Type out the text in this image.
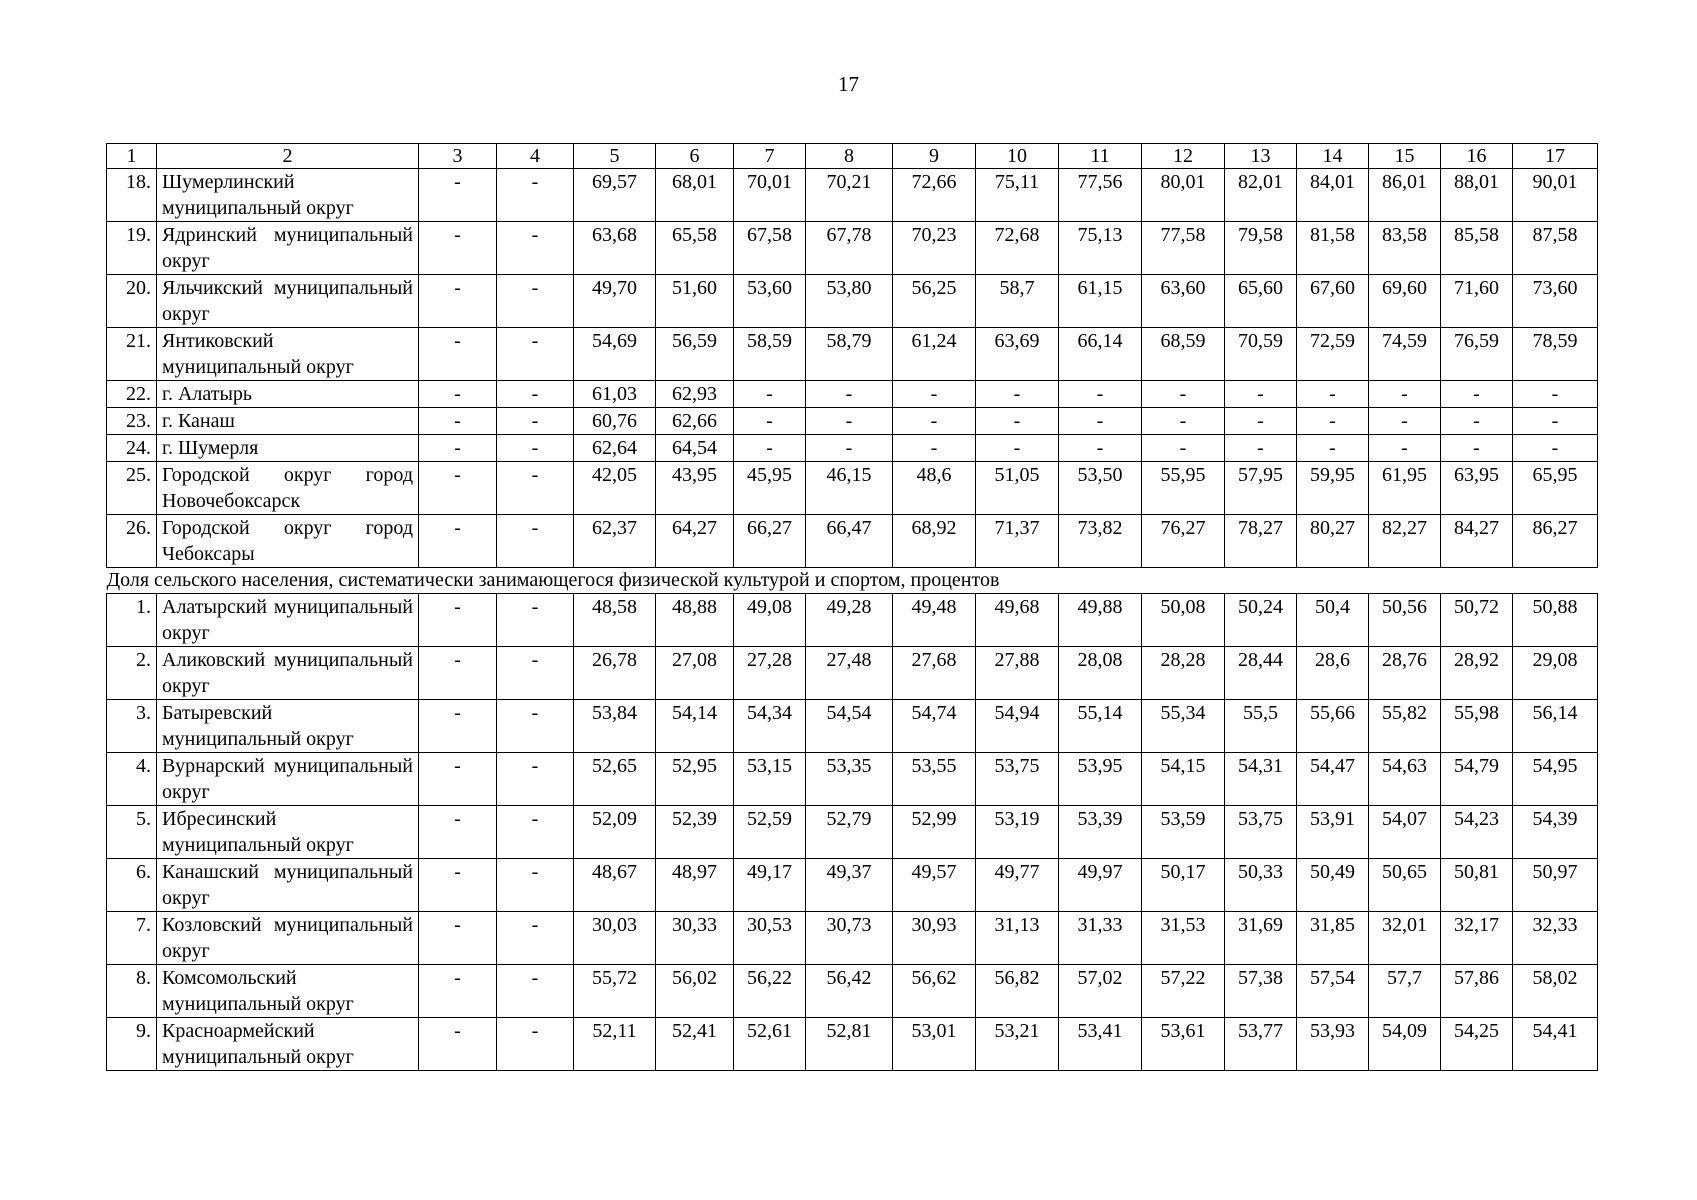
17
1	2	3	4	5	6	7	8	9	10	11	12	13	14	15	16	17
18.	Шумерлинский муниципальный округ	-	-	69,57	68,01	70,01	70,21	72,66	75,11	77,56	80,01	82,01	84,01	86,01	88,01	90,01
19.	Ядринский муниципальный округ	-	-	63,68	65,58	67,58	67,78	70,23	72,68	75,13	77,58	79,58	81,58	83,58	85,58	87,58
20.	Яльчикский муниципальный округ	-	-	49,70	51,60	53,60	53,80	56,25	58,7	61,15	63,60	65,60	67,60	69,60	71,60	73,60
21.	Янтиковский муниципальный округ	-	-	54,69	56,59	58,59	58,79	61,24	63,69	66,14	68,59	70,59	72,59	74,59	76,59	78,59
22.	г. Алатырь	-	-	61,03	62,93	-	-	-	-	-	-	-	-	-	-	-
23.	г. Канаш	-	-	60,76	62,66	-	-	-	-	-	-	-	-	-	-	-
24.	г. Шумерля	-	-	62,64	64,54	-	-	-	-	-	-	-	-	-	-	-
25.	Городской округ город Новочебоксарск	-	-	42,05	43,95	45,95	46,15	48,6	51,05	53,50	55,95	57,95	59,95	61,95	63,95	65,95
26.	Городской округ город Чебоксары	-	-	62,37	64,27	66,27	66,47	68,92	71,37	73,82	76,27	78,27	80,27	82,27	84,27	86,27
Доля сельского населения, систематически занимающегося физической культурой и спортом, процентов																
1.	Алатырский муниципальный округ	-	-	48,58	48,88	49,08	49,28	49,48	49,68	49,88	50,08	50,24	50,4	50,56	50,72	50,88
2.	Аликовский муниципальный округ	-	-	26,78	27,08	27,28	27,48	27,68	27,88	28,08	28,28	28,44	28,6	28,76	28,92	29,08
3.	Батыревский муниципальный округ	-	-	53,84	54,14	54,34	54,54	54,74	54,94	55,14	55,34	55,5	55,66	55,82	55,98	56,14
4.	Вурнарский муниципальный округ	-	-	52,65	52,95	53,15	53,35	53,55	53,75	53,95	54,15	54,31	54,47	54,63	54,79	54,95
5.	Ибресинский муниципальный округ	-	-	52,09	52,39	52,59	52,79	52,99	53,19	53,39	53,59	53,75	53,91	54,07	54,23	54,39
6.	Канашский муниципальный округ	-	-	48,67	48,97	49,17	49,37	49,57	49,77	49,97	50,17	50,33	50,49	50,65	50,81	50,97
7.	Козловский муниципальный округ	-	-	30,03	30,33	30,53	30,73	30,93	31,13	31,33	31,53	31,69	31,85	32,01	32,17	32,33
8.	Комсомольский муниципальный округ	-	-	55,72	56,02	56,22	56,42	56,62	56,82	57,02	57,22	57,38	57,54	57,7	57,86	58,02
9.	Красноармейский муниципальный округ	-	-	52,11	52,41	52,61	52,81	53,01	53,21	53,41	53,61	53,77	53,93	54,09	54,25	54,41
